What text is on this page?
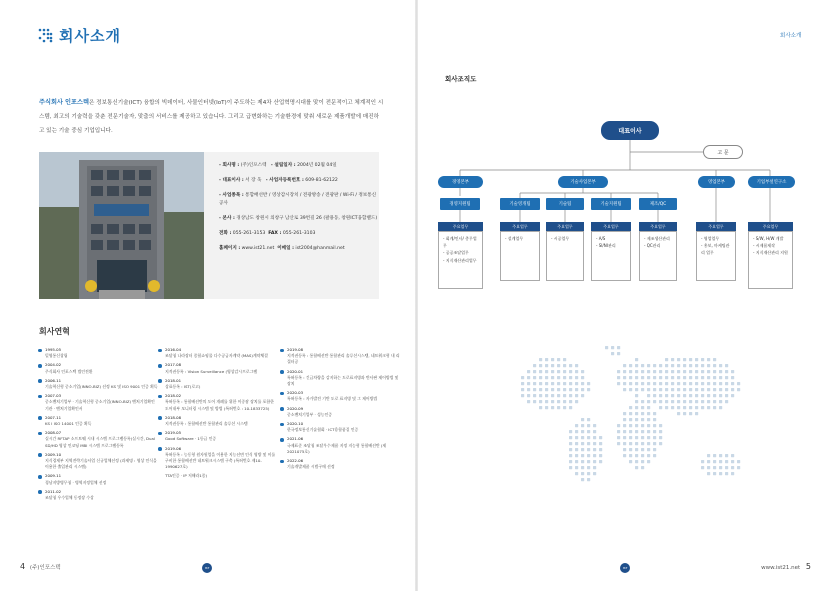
회사소개

주식회사 인포스텍은 정보통신기술(ICT) 융합의 빅데이터, 사물인터넷(IoT)이 주도하는 제4차 산업혁명시대를 맞이 전문적이고 체계적인 시스템, 최고의 기술력을 갖춘 전문기술자, 맞춤의 서비스를 제공하고 있습니다. 그리고 급변화하는 기술환경에 맞춰 새로운 제품개발에 매진하고 있는 기술 중심 기업입니다.

- 회사명 : (주)인포스텍 - 설립일자 : 2004년 02월 04일
- 대표이사 : 서 장 욱 - 사업자등록번호 : 609-81-62122
- 사업종목 : 통합배선반 / 영상감시장치 / 전광방송 / 전광판 / Wi-Fi / 정보통신공사
- 본사 : 경상남도 창원시 의창구 남산로 39번길 26 (팔용동, 창원ICT융합밸드)
전화 : 055-261-3153 FAX : 055-261-3103
홈페이지 : www.ist21.net 이메일 : ist2004@hanmail.net
회사연혁
1995.05
밀영통신창립
2004.02
주식회사 인포스텍 법인전환
2006.11
기술혁신형 중소기업(INNO-BIZ) 선정 KS 및 ISO 9001 인증 획득
2007.03
중소벤처기업부 · 기술혁신형 중소기업(INNO-BIZ) 벤처기업확인기관 · 벤처기업확인서
2007.11
KS I ISO 14001 인증 획득
2008.07
실시간 RFTAP 소프트웨 시내 시스템 프로그램등록(실시간, Dual SD/HD 영상 인코딩 MBI 시스템 프로그램등록
2009.10
지식경제부 지역전략기술사업 신규업체선정 (과제명 : 영상 인식을 이용한 출입관리 시스템)
2009.11
경남지방병무청 · 병역지정업체 선정
2011.02
조달청 우수업체 동정장 수상
2016.04
조달청 나라장터 종합쇼핑몰 다수공급자계약 (MAS)계약체결
2017.08
지적권등록 : Vision Surveillance (영상감시프로그램
2018.01
상표등록 : IST(로고)
2018.02
특허등록 : 통합배선반의 도어 개폐를 위한 이중잠 장치를 포함한 도어내부 모니터링 시스템 및 방법 (특허번호 : 10-1833725)
2018.08
지적권등록 : 통합배선반 통합관리 솔루션 시스템
2019.05
Good Software · 1등급 인증
2019.06
특허등록 : 능동형 원자원업을 이용한 지능선면 인식 영방 및 이를 구비한 통합배선반 네트워크시스템 구축 (특허번호 제10-1990627호)
TTA인증 · IP 저해라1종)
2019.08
지적권등록 : 통합배선반 통합관리 솔루션시스템, 네트워크형 내 리절터공
2020.01
특허등록 : 긴급차량을 감지하는 도로표지병과 반사판 제어방법 및 장치
2020.03
특허등록 : 자가발전 기반 도로 표지병 및 그 제어방법
2020.09
중소벤처기업부 · 성능인증
2020.10
한국정보통신기술협회 · ICT융합품질 인증
2021.06
국제표준 조달청 조달우수제품 지정 지능형 통합배선반 (제2021075호)
2022.06
기술개발제품 시범구매 선정
4 (주)인포스텍	IST
회사소개
회사조직도
대표이사
고 문
경영본부	기술사업본부	영업본부	기업부설연구소
경영지원팀	기술영개팀	기술팀	기술지원팀	제조/QC
주요업무
- 회계/인사/ 총무업무
- 공공조달업무
- 지식재산관리업무
주요업무
- 설계업무
주요업무
- 시공업무
주요업무
- A/S
- SI/NI관리
주요업무
- 제조생산관리
- QC관리
주요업무
- 영업업무
- 홍보, 마케팅관리 업무
주요업무
- S/W, H/W 개발
- 시제품제작
- 지식재산관리 지원
IST	www.ist21.net 5
